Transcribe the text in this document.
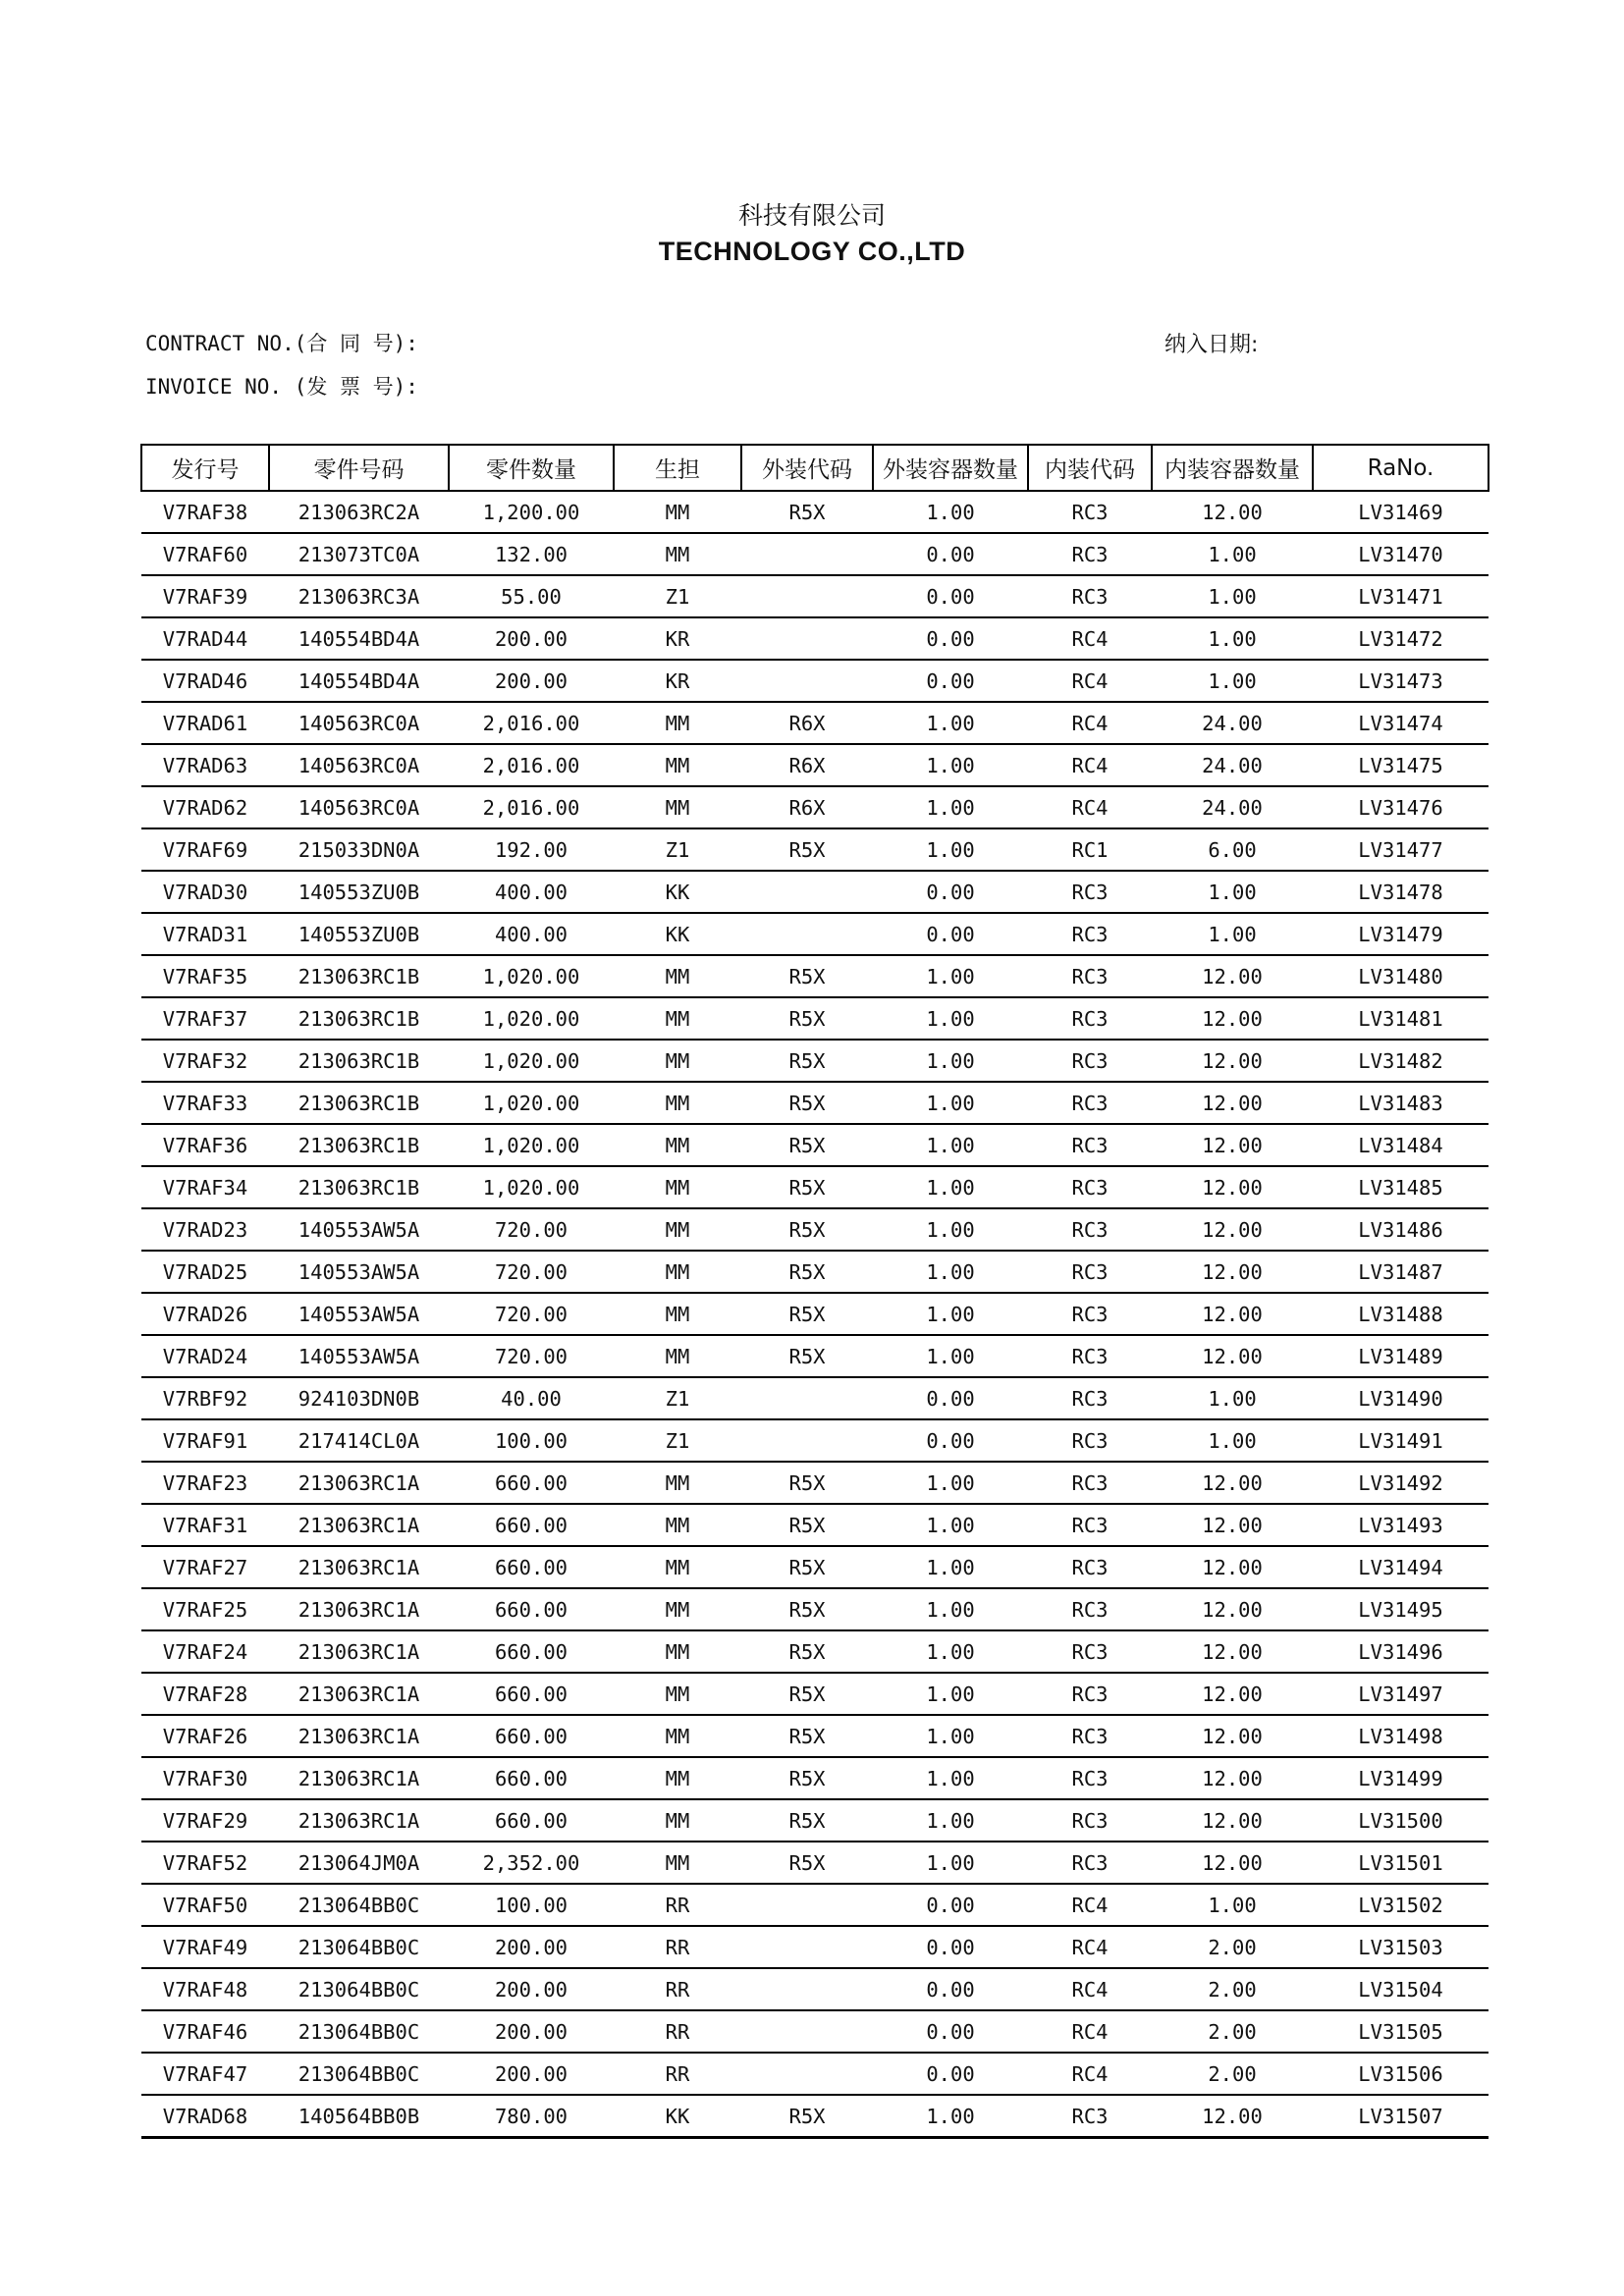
科技有限公司
TECHNOLOGY CO.,LTD
CONTRACT NO.(合 同 号):
INVOICE NO. (发 票 号):
纳入日期:
发行号	零件号码	零件数量	生担	外装代码	外装容器数量	内装代码	内装容器数量	RaNo.
V7RAF38	213063RC2A	1,200.00	MM	R5X	1.00	RC3	12.00	LV31469
V7RAF60	213073TC0A	132.00	MM		0.00	RC3	1.00	LV31470
V7RAF39	213063RC3A	55.00	Z1		0.00	RC3	1.00	LV31471
V7RAD44	140554BD4A	200.00	KR		0.00	RC4	1.00	LV31472
V7RAD46	140554BD4A	200.00	KR		0.00	RC4	1.00	LV31473
V7RAD61	140563RC0A	2,016.00	MM	R6X	1.00	RC4	24.00	LV31474
V7RAD63	140563RC0A	2,016.00	MM	R6X	1.00	RC4	24.00	LV31475
V7RAD62	140563RC0A	2,016.00	MM	R6X	1.00	RC4	24.00	LV31476
V7RAF69	215033DN0A	192.00	Z1	R5X	1.00	RC1	6.00	LV31477
V7RAD30	140553ZU0B	400.00	KK		0.00	RC3	1.00	LV31478
V7RAD31	140553ZU0B	400.00	KK		0.00	RC3	1.00	LV31479
V7RAF35	213063RC1B	1,020.00	MM	R5X	1.00	RC3	12.00	LV31480
V7RAF37	213063RC1B	1,020.00	MM	R5X	1.00	RC3	12.00	LV31481
V7RAF32	213063RC1B	1,020.00	MM	R5X	1.00	RC3	12.00	LV31482
V7RAF33	213063RC1B	1,020.00	MM	R5X	1.00	RC3	12.00	LV31483
V7RAF36	213063RC1B	1,020.00	MM	R5X	1.00	RC3	12.00	LV31484
V7RAF34	213063RC1B	1,020.00	MM	R5X	1.00	RC3	12.00	LV31485
V7RAD23	140553AW5A	720.00	MM	R5X	1.00	RC3	12.00	LV31486
V7RAD25	140553AW5A	720.00	MM	R5X	1.00	RC3	12.00	LV31487
V7RAD26	140553AW5A	720.00	MM	R5X	1.00	RC3	12.00	LV31488
V7RAD24	140553AW5A	720.00	MM	R5X	1.00	RC3	12.00	LV31489
V7RBF92	924103DN0B	40.00	Z1		0.00	RC3	1.00	LV31490
V7RAF91	217414CL0A	100.00	Z1		0.00	RC3	1.00	LV31491
V7RAF23	213063RC1A	660.00	MM	R5X	1.00	RC3	12.00	LV31492
V7RAF31	213063RC1A	660.00	MM	R5X	1.00	RC3	12.00	LV31493
V7RAF27	213063RC1A	660.00	MM	R5X	1.00	RC3	12.00	LV31494
V7RAF25	213063RC1A	660.00	MM	R5X	1.00	RC3	12.00	LV31495
V7RAF24	213063RC1A	660.00	MM	R5X	1.00	RC3	12.00	LV31496
V7RAF28	213063RC1A	660.00	MM	R5X	1.00	RC3	12.00	LV31497
V7RAF26	213063RC1A	660.00	MM	R5X	1.00	RC3	12.00	LV31498
V7RAF30	213063RC1A	660.00	MM	R5X	1.00	RC3	12.00	LV31499
V7RAF29	213063RC1A	660.00	MM	R5X	1.00	RC3	12.00	LV31500
V7RAF52	213064JM0A	2,352.00	MM	R5X	1.00	RC3	12.00	LV31501
V7RAF50	213064BB0C	100.00	RR		0.00	RC4	1.00	LV31502
V7RAF49	213064BB0C	200.00	RR		0.00	RC4	2.00	LV31503
V7RAF48	213064BB0C	200.00	RR		0.00	RC4	2.00	LV31504
V7RAF46	213064BB0C	200.00	RR		0.00	RC4	2.00	LV31505
V7RAF47	213064BB0C	200.00	RR		0.00	RC4	2.00	LV31506
V7RAD68	140564BB0B	780.00	KK	R5X	1.00	RC3	12.00	LV31507
